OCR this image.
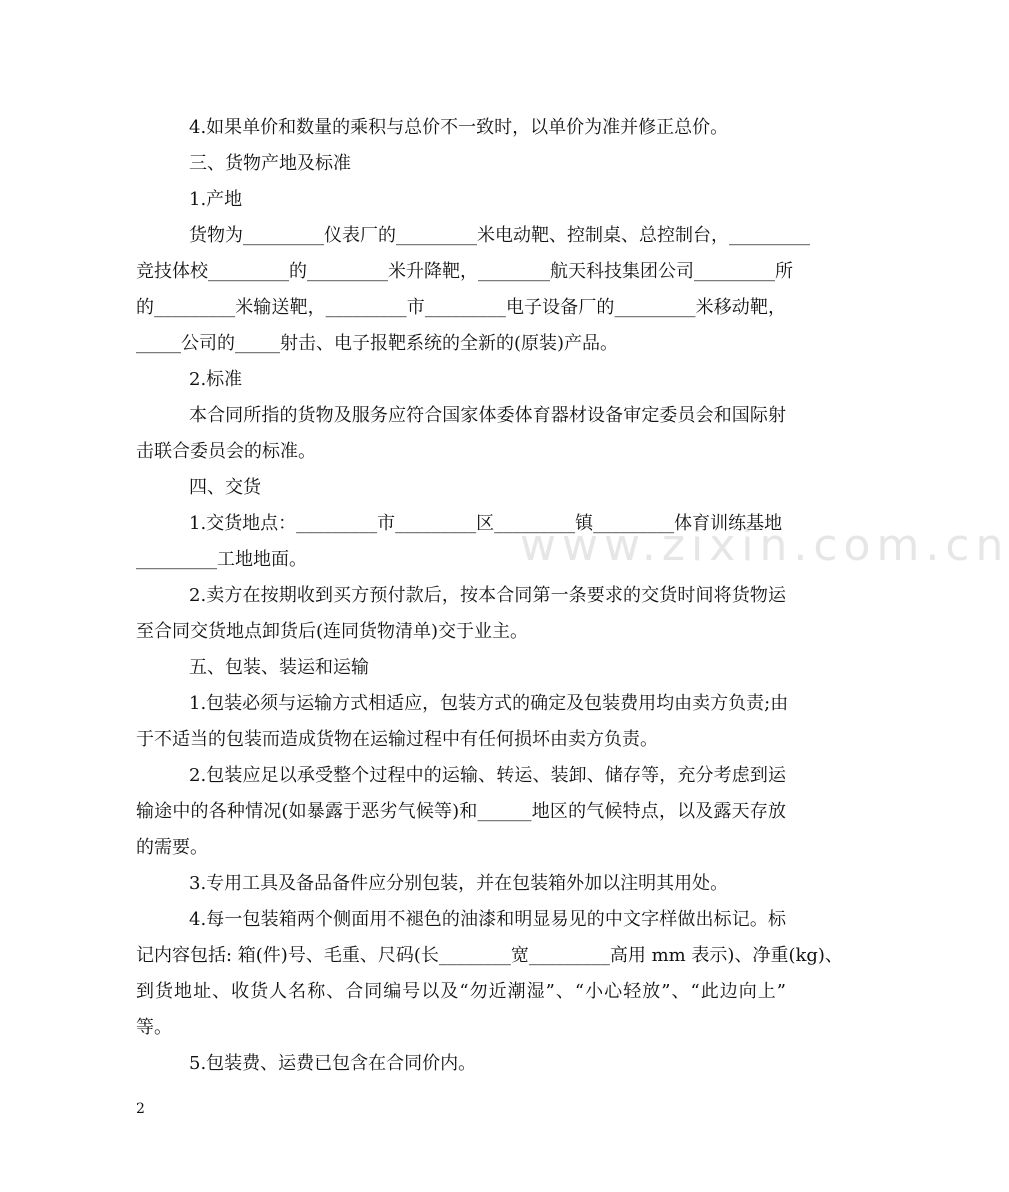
www.zixin.com.cn
4.如果单价和数量的乘积与总价不一致时，以单价为准并修正总价。
三、货物产地及标准
1.产地
货物为_________仪表厂的_________米电动靶、控制桌、总控制台，_________
竞技体校_________的_________米升降靶，________航天科技集团公司_________所
的_________米输送靶，_________市_________电子设备厂的_________米移动靶，
_____公司的_____射击、电子报靶系统的全新的(原装)产品。
2.标准
本合同所指的货物及服务应符合国家体委体育器材设备审定委员会和国际射
击联合委员会的标准。
四、交货
1.交货地点：_________市_________区_________镇_________体育训练基地
_________工地地面。
2.卖方在按期收到买方预付款后，按本合同第一条要求的交货时间将货物运
至合同交货地点卸货后(连同货物清单)交于业主。
五、包装、装运和运输
1.包装必须与运输方式相适应，包装方式的确定及包装费用均由卖方负责;由
于不适当的包装而造成货物在运输过程中有任何损坏由卖方负责。
2.包装应足以承受整个过程中的运输、转运、装卸、储存等，充分考虑到运
输途中的各种情况(如暴露于恶劣气候等)和______地区的气候特点，以及露天存放
的需要。
3.专用工具及备品备件应分别包装，并在包装箱外加以注明其用处。
4.每一包装箱两个侧面用不褪色的油漆和明显易见的中文字样做出标记。标
记内容包括: 箱(件)号、毛重、尺码(长________宽_________高用 mm 表示)、净重(kg)、
到货地址、收货人名称、合同编号以及“勿近潮湿”、“小心轻放”、“此边向上”
等。
5.包装费、运费已包含在合同价内。
2
